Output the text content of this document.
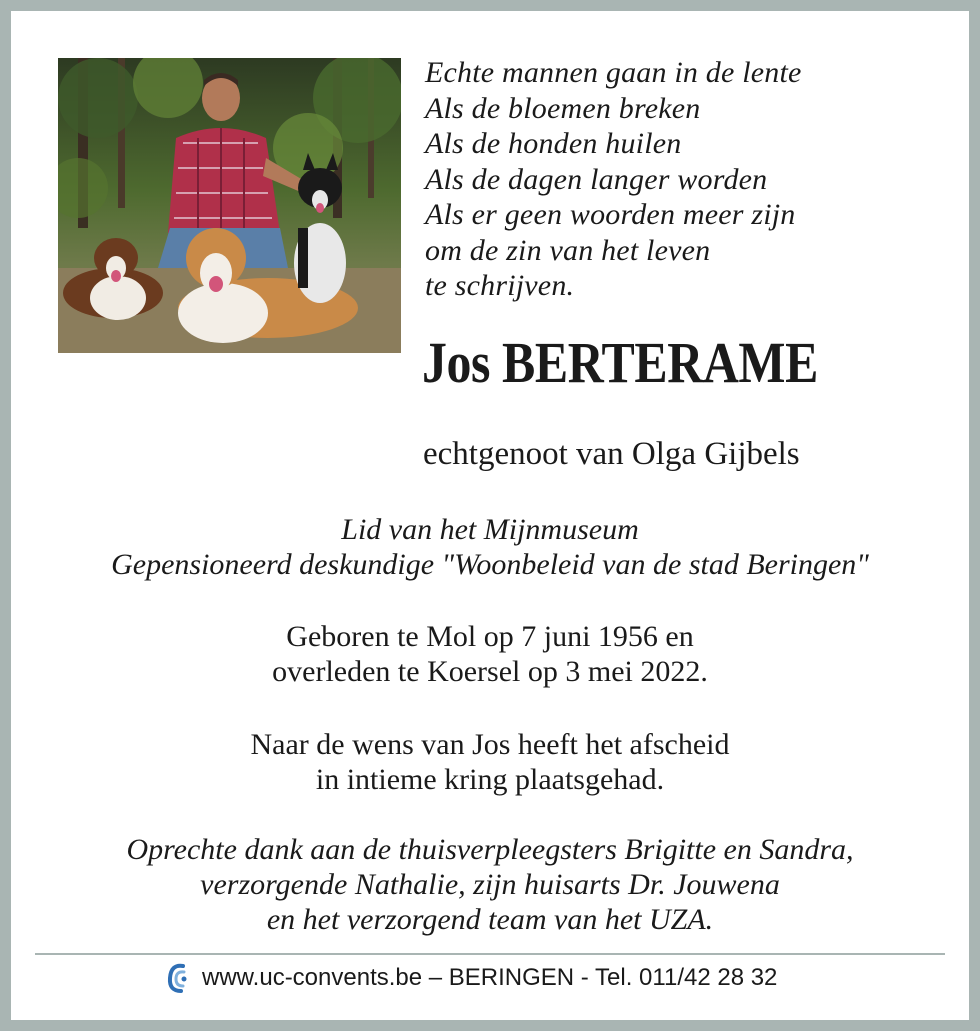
Echte mannen gaan in de lente
Als de bloemen breken
Als de honden huilen
Als de dagen langer worden
Als er geen woorden meer zijn
om de zin van het leven
te schrijven.
Jos BERTERAME
echtgenoot van Olga Gijbels
Lid van het Mijnmuseum
Gepensioneerd deskundige "Woonbeleid van de stad Beringen"
Geboren te Mol op 7 juni 1956 en
overleden te Koersel op 3 mei 2022.
Naar de wens van Jos heeft het afscheid
in intieme kring plaatsgehad.
Oprechte dank aan de thuisverpleegsters Brigitte en Sandra,
verzorgende Nathalie, zijn huisarts Dr. Jouwena
en het verzorgend team van het UZA.
www.uc-convents.be – BERINGEN - Tel. 011/42 28 32
